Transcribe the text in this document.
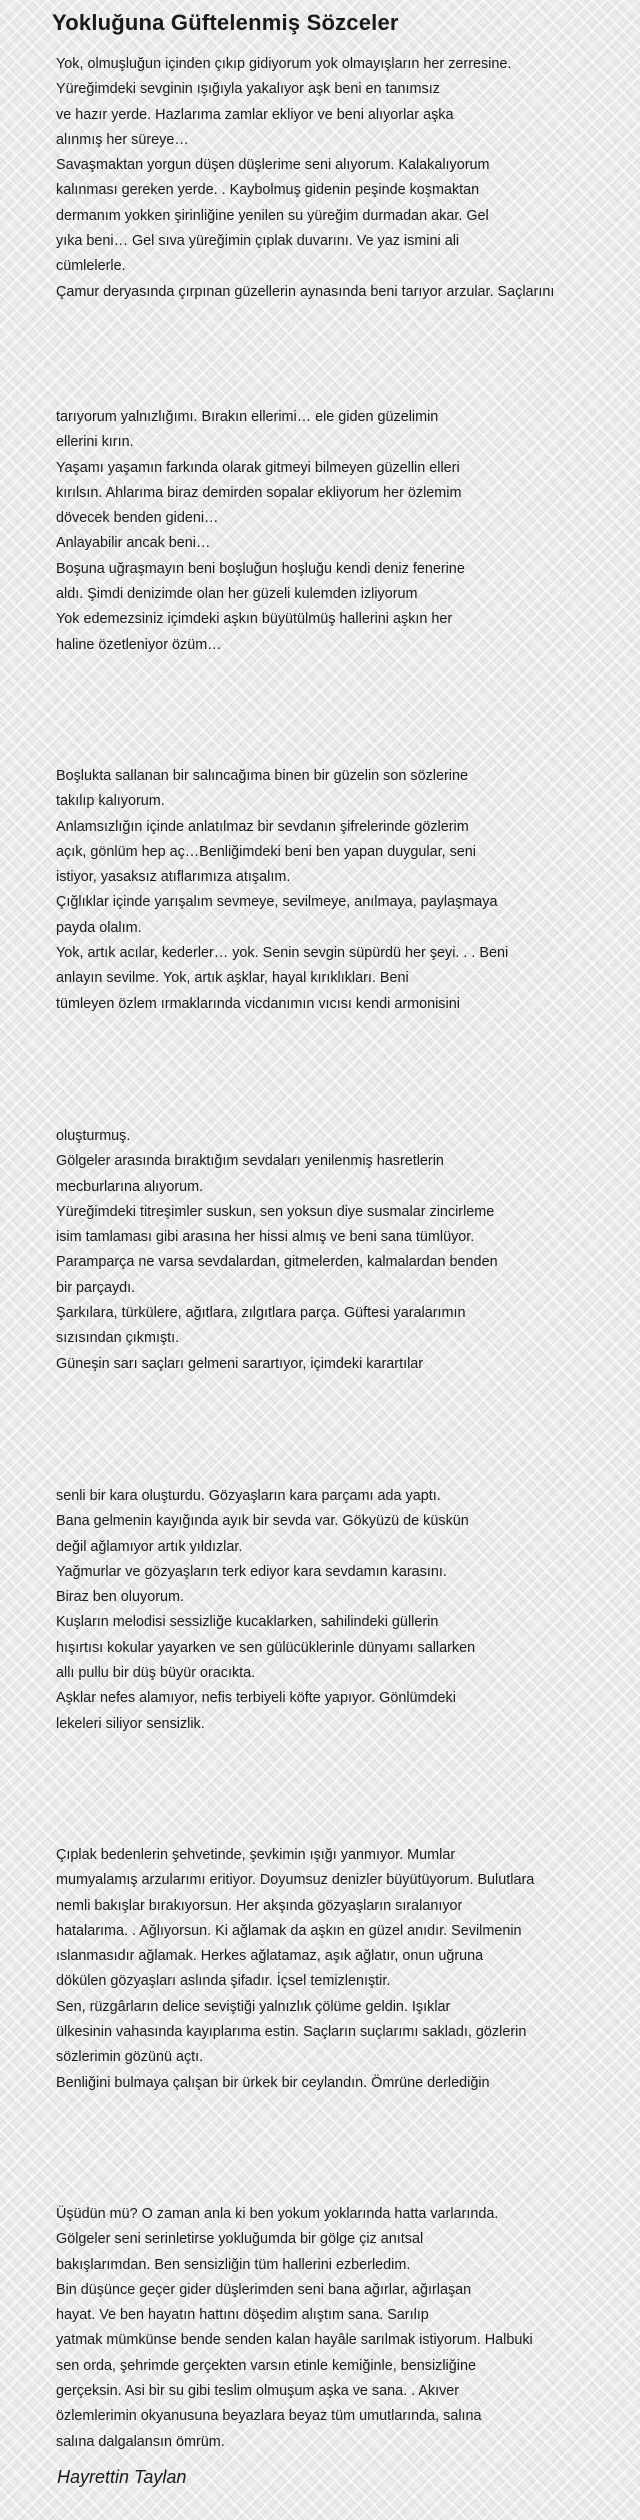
Yokluğuna Güftelenmiş Sözceler
Yok, olmuşluğun içinden çıkıp gidiyorum yok olmayışların her zerresine.
Yüreğimdeki sevginin ışığıyla yakalıyor aşk beni en tanımsız
ve hazır yerde. Hazlarıma zamlar ekliyor ve beni alıyorlar aşka
alınmış her süreye…
Savaşmaktan yorgun düşen düşlerime seni alıyorum. Kalakalıyorum
kalınması gereken yerde. . Kaybolmuş gidenin peşinde koşmaktan
dermanım yokken şirinliğine yenilen su yüreğim durmadan akar. Gel
yıka beni… Gel sıva yüreğimin çıplak duvarını. Ve yaz ismini ali
cümlelerle.
Çamur deryasında çırpınan güzellerin aynasında beni tarıyor arzular. Saçlarını
tarıyorum yalnızlığımı. Bırakın ellerimi… ele giden güzelimin
ellerini kırın.
Yaşamı yaşamın farkında olarak gitmeyi bilmeyen güzellin elleri
kırılsın. Ahlarıma biraz demirden sopalar ekliyorum her özlemim
dövecek benden gideni…
Anlayabilir ancak beni…
Boşuna uğraşmayın beni boşluğun hoşluğu kendi deniz fenerine
aldı. Şimdi denizimde olan her güzeli kulemden izliyorum
Yok edemezsiniz içimdeki aşkın büyütülmüş hallerini aşkın her
haline özetleniyor özüm…
Boşlukta sallanan bir salıncağıma binen bir güzelin son sözlerine
takılıp kalıyorum.
Anlamsızlığın içinde anlatılmaz bir sevdanın şifrelerinde gözlerim
açık, gönlüm hep aç…Benliğimdeki beni ben yapan duygular, seni
istiyor, yasaksız atıflarımıza atışalım.
Çığlıklar içinde yarışalım sevmeye, sevilmeye, anılmaya, paylaşmaya
payda olalım.
Yok, artık acılar, kederler… yok. Senin sevgin süpürdü her şeyi. . . Beni
anlayın sevilme. Yok, artık aşklar, hayal kırıklıkları. Beni
tümleyen özlem ırmaklarında vicdanımın vıcısı kendi armonisini
oluşturmuş.
Gölgeler arasında bıraktığım sevdaları yenilenmiş hasretlerin
mecburlarına alıyorum.
Yüreğimdeki titreşimler suskun, sen yoksun diye susmalar zincirleme
isim tamlaması gibi arasına her hissi almış ve beni sana tümlüyor.
Paramparça ne varsa sevdalardan, gitmelerden, kalmalardan benden
bir parçaydı.
Şarkılara, türkülere, ağıtlara, zılgıtlara parça. Güftesi yaralarımın
sızısından çıkmıştı.
Güneşin sarı saçları gelmeni sarartıyor, içimdeki karartılar
senli bir kara oluşturdu. Gözyaşların kara parçamı ada yaptı.
Bana gelmenin kayığında ayık bir sevda var. Gökyüzü de küskün
değil ağlamıyor artık yıldızlar.
Yağmurlar ve gözyaşların terk ediyor kara sevdamın karasını.
Biraz ben oluyorum.
Kuşların melodisi sessizliğe kucaklarken, sahilindeki güllerin
hışırtısı kokular yayarken ve sen gülücüklerinle dünyamı sallarken
allı pullu bir düş büyür oracıkta.
Aşklar nefes alamıyor, nefis terbiyeli köfte yapıyor. Gönlümdeki
lekeleri siliyor sensizlik.
Çıplak bedenlerin şehvetinde, şevkimin ışığı yanmıyor. Mumlar
mumyalamış arzularımı eritiyor. Doyumsuz denizler büyütüyorum. Bulutlara
nemli bakışlar bırakıyorsun. Her akşında gözyaşların sıralanıyor
hatalarıma. . Ağlıyorsun. Ki ağlamak da aşkın en güzel anıdır. Sevilmenin
ıslanmasıdır ağlamak. Herkes ağlatamaz, aşık ağlatır, onun uğruna
dökülen gözyaşları aslında şifadır. İçsel temizlenıştir.
Sen, rüzgârların delice seviştiği yalnızlık çölüme geldin. Işıklar
ülkesinin vahasında kayıplarıma estin. Saçların suçlarımı sakladı, gözlerin
sözlerimin gözünü açtı.
Benliğini bulmaya çalışan bir ürkek bir ceylandın. Ömrüne derlediğin
Üşüdün mü? O zaman anla ki ben yokum yoklarında hatta varlarında.
Gölgeler seni serinletirse yokluğumda bir gölge çiz anıtsal
bakışlarımdan. Ben sensizliğin tüm hallerini ezberledim.
Bin düşünce geçer gider düşlerimden seni bana ağırlar, ağırlaşan
hayat. Ve ben hayatın hattını döşedim alıştım sana. Sarılıp
yatmak mümkünse bende senden kalan hayâle sarılmak istiyorum. Halbuki
sen orda, şehrimde gerçekten varsın etinle kemiğinle, bensizliğine
gerçeksin. Asi bir su gibi teslim olmuşum aşka ve sana. . Akıver
özlemlerimin okyanusuna beyazlara beyaz tüm umutlarında, salına
salına dalgalansın ömrüm.
Hayrettin Taylan
